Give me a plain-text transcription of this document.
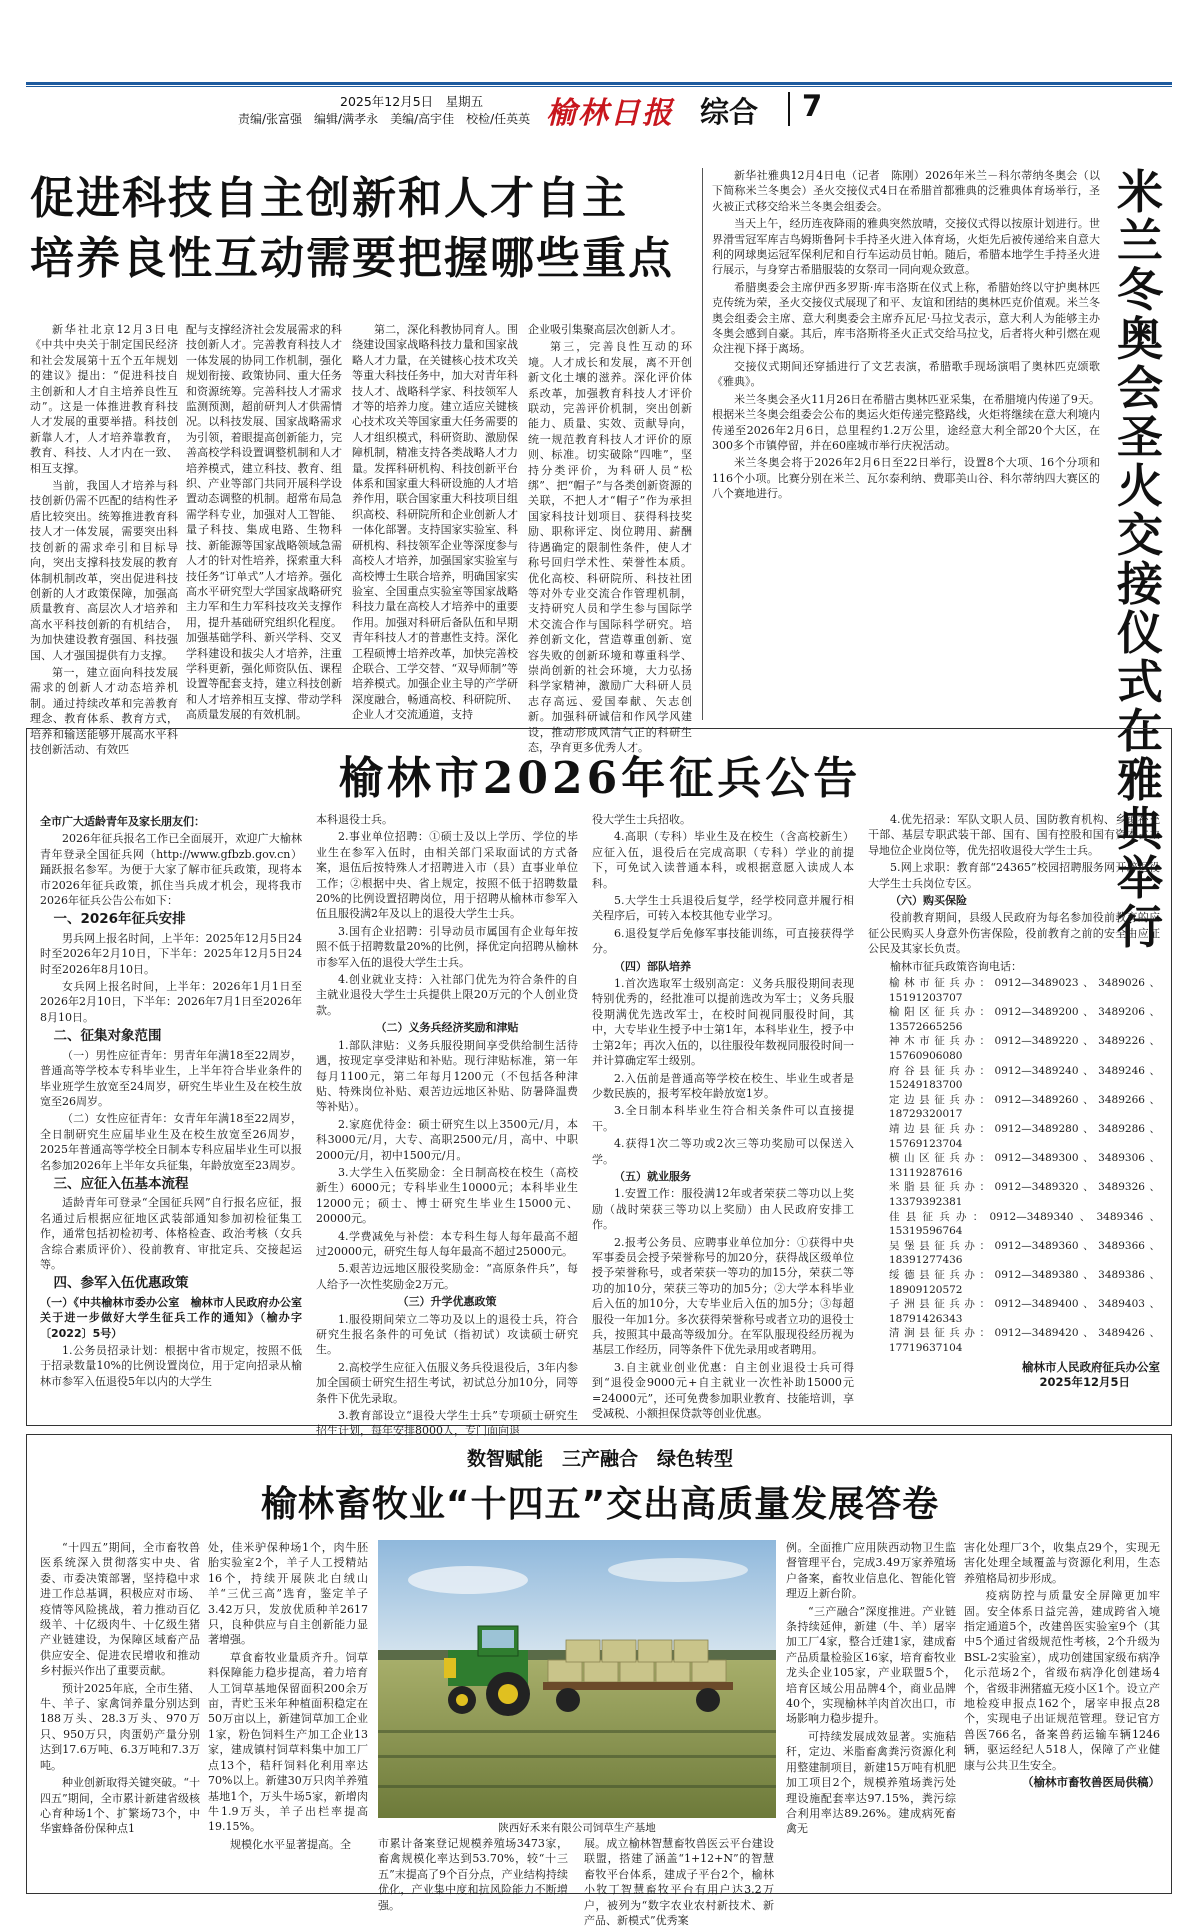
2025年12月5日　星期五
责编/张富强　编辑/满孝永　美编/高宇佳　校检/任英英 榆林日报 综合 7
促进科技自主创新和人才自主
培养良性互动需要把握哪些重点

新华社北京12月3日电《中共中央关于制定国民经济和社会发展第十五个五年规划的建议》提出：“促进科技自主创新和人才自主培养良性互动”。这是一体推进教育科技人才发展的重要举措。科技创新靠人才，人才培养靠教育，教育、科技、人才内在一致、相互支撑。

当前，我国人才培养与科技创新仍需不匹配的结构性矛盾比较突出。统筹推进教育科技人才一体发展，需要突出科技创新的需求牵引和目标导向，突出支撑科技发展的教育体制机制改革，突出促进科技创新的人才政策保障，加强高质量教育、高层次人才培养和高水平科技创新的有机结合，为加快建设教育强国、科技强国、人才强国提供有力支撑。

第一，建立面向科技发展需求的创新人才动态培养机制。通过持续改革和完善教育理念、教育体系、教育方式，培养和输送能够开展高水平科技创新活动、有效匹

配与支撑经济社会发展需求的科技创新人才。完善教育科技人才一体发展的协同工作机制，强化规划衔接、政策协同、重大任务和资源统筹。完善科技人才需求监测预测，超前研判人才供需情况。以科技发展、国家战略需求为引领，着眼提高创新能力，完善高校学科设置调整机制和人才培养模式，建立科技、教育、组织、产业等部门共同开展科学设置动态调整的机制。超常布局急需学科专业，加强对人工智能、量子科技、集成电路、生物科技、新能源等国家战略领域急需人才的针对性培养，探索重大科技任务“订单式”人才培养。强化高水平研究型大学国家战略研究主力军和生力军科技攻关支撑作用，提升基础研究组织化程度。加强基础学科、新兴学科、交叉学科建设和拔尖人才培养，注重学科更新，强化师资队伍、课程设置等配套支持，建立科技创新和人才培养相互支撑、带动学科高质量发展的有效机制。

第二，深化科教协同育人。围绕建设国家战略科技力量和国家战略人才力量，在关键核心技术攻关等重大科技任务中，加大对青年科技人才、战略科学家、科技领军人才等的培养力度。建立适应关键核心技术攻关等国家重大任务需要的人才组织模式，科研资助、激励保障机制，精准支持各类战略人才力量。发挥科研机构、科技创新平台体系和国家重大科研设施的人才培养作用，联合国家重大科技项目组织高校、科研院所和企业创新人才一体化部署。支持国家实验室、科研机构、科技领军企业等深度参与高校人才培养，加强国家实验室与高校博士生联合培养，明确国家实验室、全国重点实验室等国家战略科技力量在高校人才培养中的重要作用。加强对科研后备队伍和早期青年科技人才的普惠性支持。深化工程硕博士培养改革，加快完善校企联合、工学交替、“双导师制”等培养模式。加强企业主导的产学研深度融合，畅通高校、科研院所、企业人才交流通道，支持

企业吸引集聚高层次创新人才。

第三，完善良性互动的环境。人才成长和发展，离不开创新文化土壤的滋养。深化评价体系改革，加强教育科技人才评价联动，完善评价机制，突出创新能力、质量、实效、贡献导向，统一规范教育科技人才评价的原则、标准。切实破除“四唯”，坚持分类评价，为科研人员“松绑”、把“帽子”与各类创新资源的关联，不把人才“帽子”作为承担国家科技计划项目、获得科技奖励、职称评定、岗位聘用、薪酬待遇确定的限制性条件，使人才称号回归学术性、荣誉性本质。优化高校、科研院所、科技社团等对外专业交流合作管理机制，支持研究人员和学生参与国际学术交流合作与国际科学研究。培养创新文化，营造尊重创新、宽容失败的创新环境和尊重科学、崇尚创新的社会环境，大力弘扬科学家精神，激励广大科研人员志存高远、爱国奉献、矢志创新。加强科研诚信和作风学风建设，推动形成风清气正的科研生态，孕育更多优秀人才。

新华社雅典12月4日电（记者　陈刚）2026年米兰－科尔蒂纳冬奥会（以下简称米兰冬奥会）圣火交接仪式4日在希腊首都雅典的泛雅典体育场举行，圣火被正式移交给米兰冬奥会组委会。

当天上午，经历连夜降雨的雅典突然放晴，交接仪式得以按原计划进行。世界滑雪冠军库吉鸟姆斯鲁阿卡手持圣火进入体育场，火炬先后被传递给来自意大利的网球奥运冠军保利尼和自行车运动员甘帕。随后，希腊本地学生手持圣火进行展示，与身穿古希腊服装的女祭司一同向观众致意。

希腊奥委会主席伊西多罗斯·库韦洛斯在仪式上称，希腊始终以守护奥林匹克传统为荣，圣火交接仪式展现了和平、友谊和团结的奥林匹克价值观。米兰冬奥会组委会主席、意大利奥委会主席乔瓦尼·马拉戈表示，意大利人为能够主办冬奥会感到自豪。其后，库韦洛斯将圣火正式交给马拉戈，后者将火种引燃在观众注视下择于离场。

交接仪式期间还穿插进行了文艺表演，希腊歌手现场演唱了奥林匹克颂歌《雅典》。

米兰冬奥会圣火11月26日在希腊古奥林匹亚采集，在希腊境内传递了9天。根据米兰冬奥会组委会公布的奥运火炬传递完整路线，火炬将继续在意大利境内传递至2026年2月6日，总里程约1.2万公里，途经意大利全部20个大区，在300多个市镇停留，并在60座城市举行庆祝活动。

米兰冬奥会将于2026年2月6日至22日举行，设置8个大项、16个分项和116个小项。比赛分别在米兰、瓦尔泰利纳、费耶美山谷、科尔蒂纳四大赛区的八个赛地进行。

米兰冬奥会圣火交接仪式在雅典举行
榆林市2026年征兵公告
全市广大适龄青年及家长朋友们：

2026年征兵报名工作已全面展开，欢迎广大榆林青年登录全国征兵网（http://www.gfbzb.gov.cn）踊跃报名参军。为便于大家了解市征兵政策，现将本市2026年征兵政策，抓住当兵成才机会，现将我市2026年征兵公告公布如下：

一、2026年征兵安排

男兵网上报名时间，上半年：2025年12月5日24时至2026年2月10日，下半年：2025年12月5日24时至2026年8月10日。

女兵网上报名时间，上半年：2026年1月1日至2026年2月10日，下半年：2026年7月1日至2026年8月10日。

二、征集对象范围

（一）男性应征青年：男青年年满18至22周岁，普通高等学校本专科毕业生，上半年符合毕业条件的毕业班学生放宽至24周岁，研究生毕业生及在校生放宽至26周岁。

（二）女性应征青年：女青年年满18至22周岁，全日制研究生应届毕业生及在校生放宽至26周岁，2025年普通高等学校全日制本专科应届毕业生可以报名参加2026年上半年女兵征集，年龄放宽至23周岁。

三、应征入伍基本流程

适龄青年可登录“全国征兵网”自行报名应征，报名通过后根据应征地区武装部通知参加初检征集工作，通常包括初检初考、体格检查、政治考核（女兵含综合素质评价）、役前教育、审批定兵、交接起运等。

四、参军入伍优惠政策
（一）《中共榆林市委办公室　榆林市人民政府办公室关于进一步做好大学生征兵工作的通知》（榆办字〔2022〕5号）

1.公务员招录计划：根据中省市规定，按照不低于招录数量10%的比例设置岗位，用于定向招录从榆林市参军入伍退役5年以内的大学生

本科退役士兵。

2.事业单位招聘：①硕士及以上学历、学位的毕业生在参军入伍时，由相关部门采取面试的方式备案，退伍后按特殊人才招聘进入市（县）直事业单位工作；②根据中央、省上规定，按照不低于招聘数量20%的比例设置招聘岗位，用于招聘从榆林市参军入伍且服役满2年及以上的退役大学生士兵。

3.国有企业招聘：引导动员市属国有企业每年按照不低于招聘数量20%的比例，择优定向招聘从榆林市参军入伍的退役大学生士兵。

4.创业就业支持：入社部门优先为符合条件的自主就业退役大学生士兵提供上限20万元的个人创业贷款。

（二）义务兵经济奖励和津贴

1.部队津贴：义务兵服役期间享受供给制生活待遇，按现定享受津贴和补贴。现行津贴标准，第一年每月1100元，第二年每月1200元（不包括各种津贴、特殊岗位补贴、艰苦边远地区补贴、防暑降温费等补贴）。

2.家庭优待金：硕士研究生以上3500元/月，本科3000元/月，大专、高职2500元/月，高中、中职2000元/月，初中1500元/月。

3.大学生入伍奖励金：全日制高校在校生（高校新生）6000元；专科毕业生10000元；本科毕业生12000元；硕士、博士研究生毕业生15000元、20000元。

4.学费减免与补偿：本专科生每人每年最高不超过20000元，研究生每人每年最高不超过25000元。

5.艰苦边远地区服役奖励金：“高原条件兵”，每人给予一次性奖励金2万元。

（三）升学优惠政策

1.服役期间荣立二等功及以上的退役士兵，符合研究生报名条件的可免试（指初试）攻读硕士研究生。

2.高校学生应征入伍服义务兵役退役后，3年内参加全国硕士研究生招生考试，初试总分加10分，同等条件下优先录取。

3.教育部设立“退役大学生士兵”专项硕士研究生招生计划，每年安排8000人，专门面向退

役大学生士兵招收。

4.高职（专科）毕业生及在校生（含高校新生）应征入伍，退役后在完成高职（专科）学业的前提下，可免试入读普通本科，或根据意愿入读成人本科。

5.大学生士兵退役后复学，经学校同意并履行相关程序后，可转入本校其他专业学习。

6.退役复学后免修军事技能训练，可直接获得学分。

（四）部队培养

1.首次选取军士级别高定：义务兵服役期间表现特别优秀的，经批准可以提前选改为军士；义务兵服役期满优先选改军士，在校时间视同服役时间，其中，大专毕业生授予中士第1年，本科毕业生，授予中士第2年；再次入伍的，以往服役年数视同服役时间一并计算确定军士级别。

2.入伍前是普通高等学校在校生、毕业生或者是少数民族的，报考军校年龄放宽1岁。

3.全日制本科毕业生符合相关条件可以直接提干。

4.获得1次二等功或2次三等功奖励可以保送入学。

（五）就业服务

1.安置工作：服役满12年或者荣获二等功以上奖励（战时荣获三等功以上奖励）由人民政府安排工作。

2.报考公务员、应聘事业单位加分：①获得中央军事委员会授予荣誉称号的加20分，获得战区级单位授予荣誉称号，或者荣获一等功的加15分，荣获二等功的加10分，荣获三等功的加5分；②大学本科毕业后入伍的加10分，大专毕业后入伍的加5分；③每超服役一年加1分。多次获得荣誉称号或者立功的退役士兵，按照其中最高等级加分。在军队服现役经历视为基层工作经历，同等条件下优先录用或者聘用。

3.自主就业创业优惠：自主创业退役士兵可得到“退役金9000元+自主就业一次性补助15000元=24000元”，还可免费参加职业教育、技能培训，享受减税、小额担保贷款等创业优惠。

4.优先招录：军队文职人员、国防教育机构、乡镇补充干部、基层专职武装干部、国有、国有控股和国有资本占主导地位企业岗位等，优先招收退役大学生士兵。

5.网上求职：教育部“24365”校园招聘服务网开辟退役大学生士兵岗位专区。

（六）购买保险

役前教育期间，县级人民政府为每名参加役前教育的应征公民购买人身意外伤害保险，役前教育之前的安全由应征公民及其家长负责。

榆林市征兵政策咨询电话：

榆林市征兵办：0912—3489023、3489026、15191203707
榆阳区征兵办：0912—3489200、3489206、13572665256
神木市征兵办：0912—3489220、3489226、15760906080
府谷县征兵办：0912—3489240、3489246、15249183700
定边县征兵办：0912—3489260、3489266、18729320017
靖边县征兵办：0912—3489280、3489286、15769123704
横山区征兵办：0912—3489300、3489306、13119287616
米脂县征兵办：0912—3489320、3489326、13379392381
佳县征兵办：0912—3489340、3489346、15319596764
吴堡县征兵办：0912—3489360、3489366、18391277436
绥德县征兵办：0912—3489380、3489386、18909120572
子洲县征兵办：0912—3489400、3489403、18791426343
清涧县征兵办：0912—3489420、3489426、17719637104
榆林市人民政府征兵办公室
2025年12月5日
数智赋能　三产融合　绿色转型
榆林畜牧业“十四五”交出高质量发展答卷

“十四五”期间，全市畜牧兽医系统深入贯彻落实中央、省委、市委决策部署，坚持稳中求进工作总基调，积极应对市场、疫情等风险挑战，着力推动百亿级羊、十亿级肉牛、十亿级生猪产业链建设，为保障区域畜产品供应安全、促进农民增收和推动乡村振兴作出了重要贡献。

预计2025年底，全市生猪、牛、羊子、家禽饲养量分别达到188万头、28.3万头、970万只、950万只，肉蛋奶产量分别达到17.6万吨、6.3万吨和7.3万吨。

种业创新取得关键突破。“十四五”期间，全市累计新建省级核心育种场1个、扩繁场73个，中华蜜蜂备份保种点1

处，佳米驴保种场1个，肉牛胚胎实验室2个，羊子人工授精站16个，持续开展陕北白绒山羊“三优三高”选育，鉴定羊子3.42万只，发放优质种羊2617只，良种供应与自主创新能力显著增强。

草食畜牧业量质齐升。饲草料保障能力稳步提高，着力培育人工饲草基地保留面积200余万亩，青贮玉米年种植面积稳定在50万亩以上，新建饲草加工企业1家，粉色饲料生产加工企业13家，建成镇村饲草料集中加工厂点13个，秸秆饲料化利用率达70%以上。新建30万只肉羊养殖基地1个，万头牛场5家，新增肉牛1.9万头，羊子出栏率提高19.15%。

规模化水平显著提高。全

陕西好禾来有限公司饲草生产基地

市累计备案登记规模养殖场3473家，畜禽规模化率达到53.70%，较“十三五”末提高了9个百分点，产业结构持续优化，产业集中度和抗风险能力不断增强。

展。成立榆林智慧畜牧兽医云平台建设联盟，搭建了涵盖“1+12+N”的智慧畜牧平台体系，建成子平台2个，榆林小牧丁智慧畜牧平台有用户达3.2万户，被列为“数字农业农村新技术、新产品、新模式”优秀案

例。全面推广应用陕西动物卫生监督管理平台，完成3.49万家养殖场户备案，畜牧业信息化、智能化管理迈上新台阶。

“三产融合”深度推进。产业链条持续延伸，新建（牛、羊）屠宰加工厂4家，整合迁建1家，建成畜产品质量检验区16家，培育畜牧业龙头企业105家，产业联盟5个，培育区域公用品牌4个，商业品牌40个，实现榆林羊肉首次出口，市场影响力稳步提升。

可持续发展成效显著。实施秸秆，定边、米脂畜禽粪污资源化利用整建制项目，新建15万吨有机肥加工项目2个，规模养殖场粪污处理设施配套率达97.15%，粪污综合利用率达89.26%。建成病死畜禽无

害化处理厂3个，收集点29个，实现无害化处理全域覆盖与资源化利用，生态养殖格局初步形成。

疫病防控与质量安全屏障更加牢固。安全体系日益完善，建成跨省入境指定通道5个，改建兽医实验室9个（其中5个通过省级规范性考核，2个升级为BSL-2实验室），成功创建国家级布病净化示范场2个，省级布病净化创建场4个，省级非洲猪瘟无疫小区1个。设立产地检疫申报点162个，屠宰申报点28个，实现电子出证规范管理。登记官方兽医766名，备案兽药运输车辆1246辆，驱运经纪人518人，保障了产业健康与公共卫生安全。

（榆林市畜牧兽医局供稿）
